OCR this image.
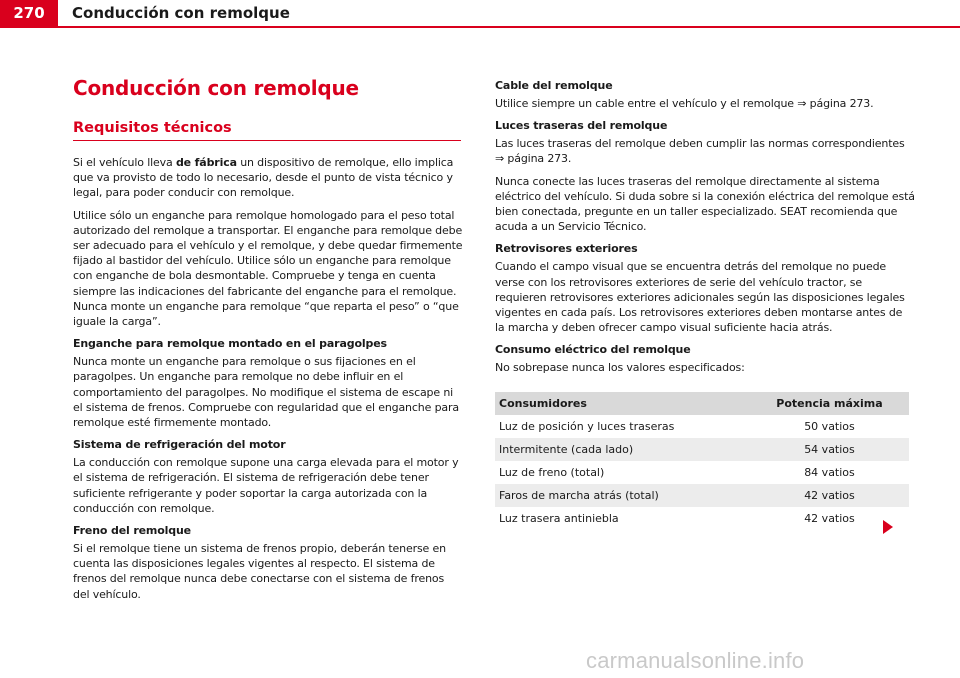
270	Conducción con remolque
Conducción con remolque
Requisitos técnicos

Si el vehículo lleva de fábrica un dispositivo de remolque, ello implica que va provisto de todo lo necesario, desde el punto de vista técnico y legal, para poder conducir con remolque.

Utilice sólo un enganche para remolque homologado para el peso total autorizado del remolque a transportar. El enganche para remolque debe ser adecuado para el vehículo y el remolque, y debe quedar firmemente fijado al bastidor del vehículo. Utilice sólo un enganche para remolque con enganche de bola desmontable. Compruebe y tenga en cuenta siempre las indicaciones del fabricante del enganche para el remolque. Nunca monte un enganche para remolque “que reparta el peso” o “que iguale la carga”.

Enganche para remolque montado en el paragolpes

Nunca monte un enganche para remolque o sus fijaciones en el paragolpes. Un enganche para remolque no debe influir en el comportamiento del paragolpes. No modifique el sistema de escape ni el sistema de frenos. Compruebe con regularidad que el enganche para remolque esté firmemente montado.

Sistema de refrigeración del motor

La conducción con remolque supone una carga elevada para el motor y el sistema de refrigeración. El sistema de refrigeración debe tener suficiente refrigerante y poder soportar la carga autorizada con la conducción con remolque.

Freno del remolque

Si el remolque tiene un sistema de frenos propio, deberán tenerse en cuenta las disposiciones legales vigentes al respecto. El sistema de frenos del remolque nunca debe conectarse con el sistema de frenos del vehículo.

Cable del remolque

Utilice siempre un cable entre el vehículo y el remolque ⇒ página 273.

Luces traseras del remolque

Las luces traseras del remolque deben cumplir las normas correspondientes ⇒ página 273.

Nunca conecte las luces traseras del remolque directamente al sistema eléctrico del vehículo. Si duda sobre si la conexión eléctrica del remolque está bien conectada, pregunte en un taller especializado. SEAT recomienda que acuda a un Servicio Técnico.

Retrovisores exteriores

Cuando el campo visual que se encuentra detrás del remolque no puede verse con los retrovisores exteriores de serie del vehículo tractor, se requieren retrovisores exteriores adicionales según las disposiciones legales vigentes en cada país. Los retrovisores exteriores deben montarse antes de la marcha y deben ofrecer campo visual suficiente hacia atrás.

Consumo eléctrico del remolque

No sobrepase nunca los valores especificados:

Consumidores	Potencia máxima
Luz de posición y luces traseras	50 vatios
Intermitente (cada lado)	54 vatios
Luz de freno (total)	84 vatios
Faros de marcha atrás (total)	42 vatios
Luz trasera antiniebla	42 vatios
carmanualsonline.info
